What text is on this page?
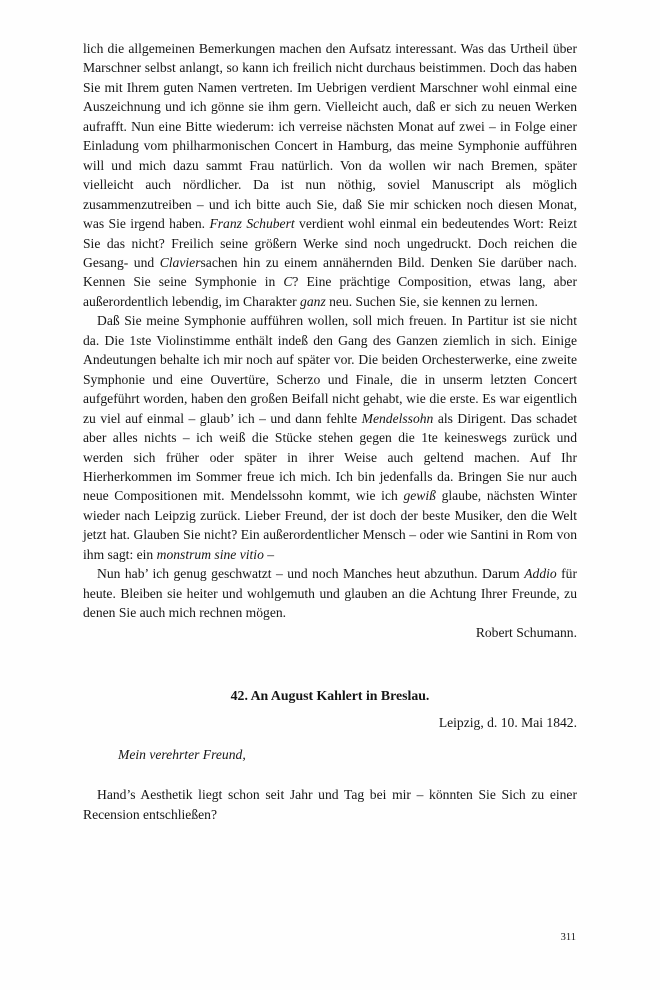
lich die allgemeinen Bemerkungen machen den Aufsatz interessant. Was das Urtheil über Marschner selbst anlangt, so kann ich freilich nicht durchaus beistimmen. Doch das haben Sie mit Ihrem guten Namen vertreten. Im Uebrigen verdient Marschner wohl einmal eine Auszeichnung und ich gönne sie ihm gern. Vielleicht auch, daß er sich zu neuen Werken aufrafft. Nun eine Bitte wiederum: ich verreise nächsten Monat auf zwei – in Folge einer Einladung vom philharmonischen Concert in Hamburg, das meine Symphonie aufführen will und mich dazu sammt Frau natürlich. Von da wollen wir nach Bremen, später vielleicht auch nördlicher. Da ist nun nöthig, soviel Manuscript als möglich zusammenzutreiben – und ich bitte auch Sie, daß Sie mir schicken noch diesen Monat, was Sie irgend haben. Franz Schubert verdient wohl einmal ein bedeutendes Wort: Reizt Sie das nicht? Freilich seine größern Werke sind noch ungedruckt. Doch reichen die Gesang- und Claviersachen hin zu einem annähernden Bild. Denken Sie darüber nach. Kennen Sie seine Symphonie in C? Eine prächtige Composition, etwas lang, aber außerordentlich lebendig, im Charakter ganz neu. Suchen Sie, sie kennen zu lernen.

Daß Sie meine Symphonie aufführen wollen, soll mich freuen. In Partitur ist sie nicht da. Die 1ste Violinstimme enthält indeß den Gang des Ganzen ziemlich in sich. Einige Andeutungen behalte ich mir noch auf später vor. Die beiden Orchesterwerke, eine zweite Symphonie und eine Ouvertüre, Scherzo und Finale, die in unserm letzten Concert aufgeführt worden, haben den großen Beifall nicht gehabt, wie die erste. Es war eigentlich zu viel auf einmal – glaub’ ich – und dann fehlte Mendelssohn als Dirigent. Das schadet aber alles nichts – ich weiß die Stücke stehen gegen die 1te keineswegs zurück und werden sich früher oder später in ihrer Weise auch geltend machen. Auf Ihr Hierherkommen im Sommer freue ich mich. Ich bin jedenfalls da. Bringen Sie nur auch neue Compositionen mit. Mendelssohn kommt, wie ich gewiß glaube, nächsten Winter wieder nach Leipzig zurück. Lieber Freund, der ist doch der beste Musiker, den die Welt jetzt hat. Glauben Sie nicht? Ein außerordentlicher Mensch – oder wie Santini in Rom von ihm sagt: ein monstrum sine vitio –

Nun hab’ ich genug geschwatzt – und noch Manches heut abzuthun. Darum Addio für heute. Bleiben sie heiter und wohlgemuth und glauben an die Achtung Ihrer Freunde, zu denen Sie auch mich rechnen mögen.

Robert Schumann.
42. An August Kahlert in Breslau.
Leipzig, d. 10. Mai 1842.
Mein verehrter Freund,

Hand’s Aesthetik liegt schon seit Jahr und Tag bei mir – könnten Sie Sich zu einer Recension entschließen?

311
